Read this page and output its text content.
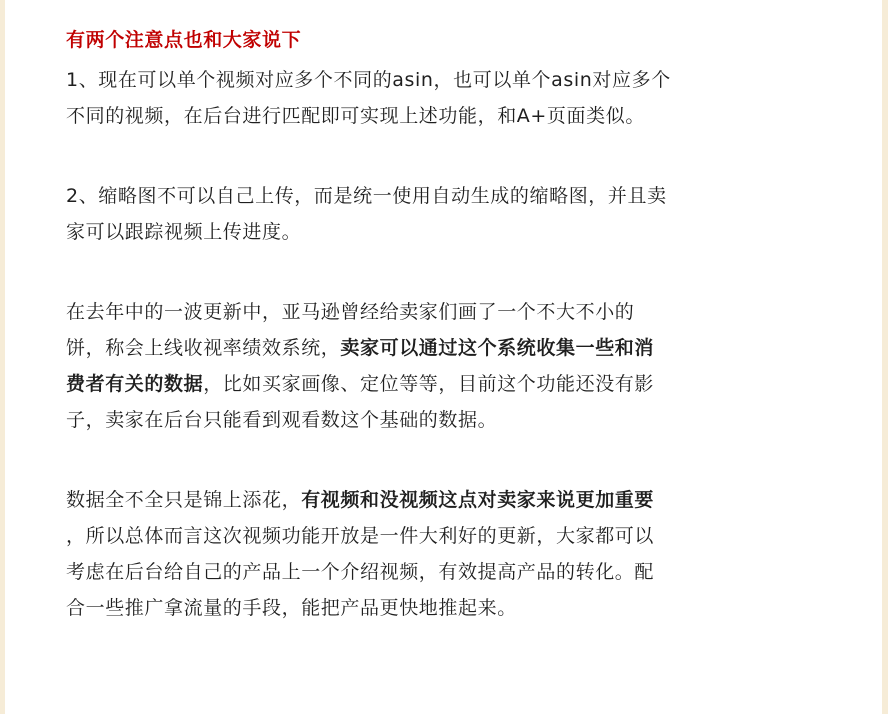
有两个注意点也和大家说下
1、现在可以单个视频对应多个不同的asin，也可以单个asin对应多个
不同的视频，在后台进行匹配即可实现上述功能，和A+页面类似。
2、缩略图不可以自己上传，而是统一使用自动生成的缩略图，并且卖
家可以跟踪视频上传进度。
在去年中的一波更新中，亚马逊曾经给卖家们画了一个不大不小的
饼，称会上线收视率绩效系统，卖家可以通过这个系统收集一些和消
费者有关的数据，比如买家画像、定位等等，目前这个功能还没有影
子，卖家在后台只能看到观看数这个基础的数据。
数据全不全只是锦上添花，有视频和没视频这点对卖家来说更加重要
，所以总体而言这次视频功能开放是一件大利好的更新，大家都可以
考虑在后台给自己的产品上一个介绍视频，有效提高产品的转化。配
合一些推广拿流量的手段，能把产品更快地推起来。
